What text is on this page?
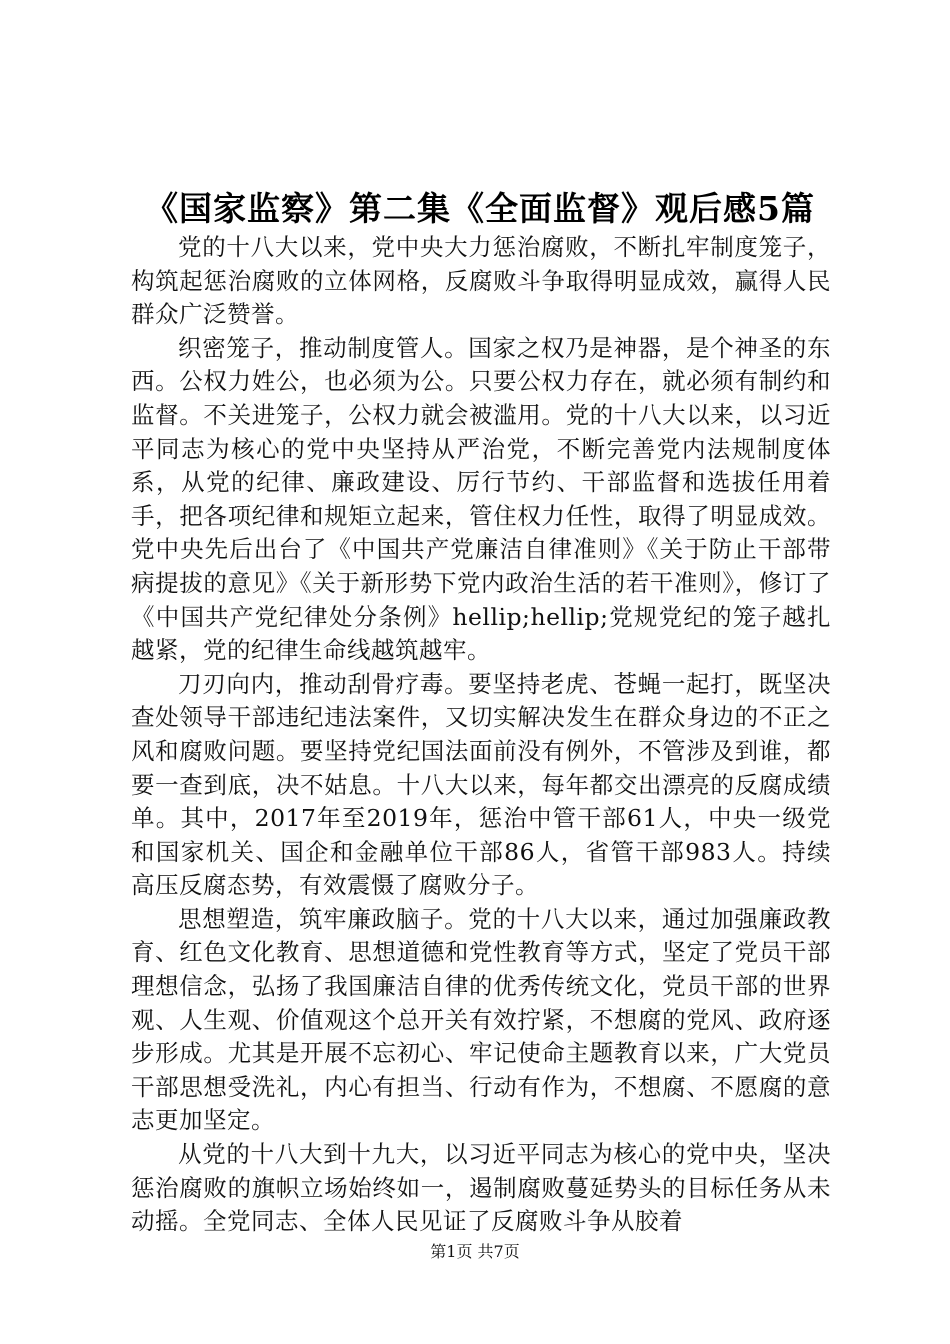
《国家监察》第二集《全面监督》观后感5篇

党的十八大以来，党中央大力惩治腐败，不断扎牢制度笼子，构筑起惩治腐败的立体网格，反腐败斗争取得明显成效，赢得人民群众广泛赞誉。

织密笼子，推动制度管人。国家之权乃是神器，是个神圣的东西。公权力姓公，也必须为公。只要公权力存在，就必须有制约和监督。不关进笼子，公权力就会被滥用。党的十八大以来，以习近平同志为核心的党中央坚持从严治党，不断完善党内法规制度体系，从党的纪律、廉政建设、厉行节约、干部监督和选拔任用着手，把各项纪律和规矩立起来，管住权力任性，取得了明显成效。党中央先后出台了《中国共产党廉洁自律准则》《关于防止干部带病提拔的意见》《关于新形势下党内政治生活的若干准则》，修订了《中国共产党纪律处分条例》hellip;hellip;党规党纪的笼子越扎越紧，党的纪律生命线越筑越牢。

刀刃向内，推动刮骨疗毒。要坚持老虎、苍蝇一起打，既坚决查处领导干部违纪违法案件，又切实解决发生在群众身边的不正之风和腐败问题。要坚持党纪国法面前没有例外，不管涉及到谁，都要一查到底，决不姑息。十八大以来，每年都交出漂亮的反腐成绩单。其中，2017年至2019年，惩治中管干部61人，中央一级党和国家机关、国企和金融单位干部86人，省管干部983人。持续高压反腐态势，有效震慑了腐败分子。

思想塑造，筑牢廉政脑子。党的十八大以来，通过加强廉政教育、红色文化教育、思想道德和党性教育等方式，坚定了党员干部理想信念，弘扬了我国廉洁自律的优秀传统文化，党员干部的世界观、人生观、价值观这个总开关有效拧紧，不想腐的党风、政府逐步形成。尤其是开展不忘初心、牢记使命主题教育以来，广大党员干部思想受洗礼，内心有担当、行动有作为，不想腐、不愿腐的意志更加坚定。

从党的十八大到十九大，以习近平同志为核心的党中央，坚决惩治腐败的旗帜立场始终如一，遏制腐败蔓延势头的目标任务从未动摇。全党同志、全体人民见证了反腐败斗争从胶着

第1页 共7页
